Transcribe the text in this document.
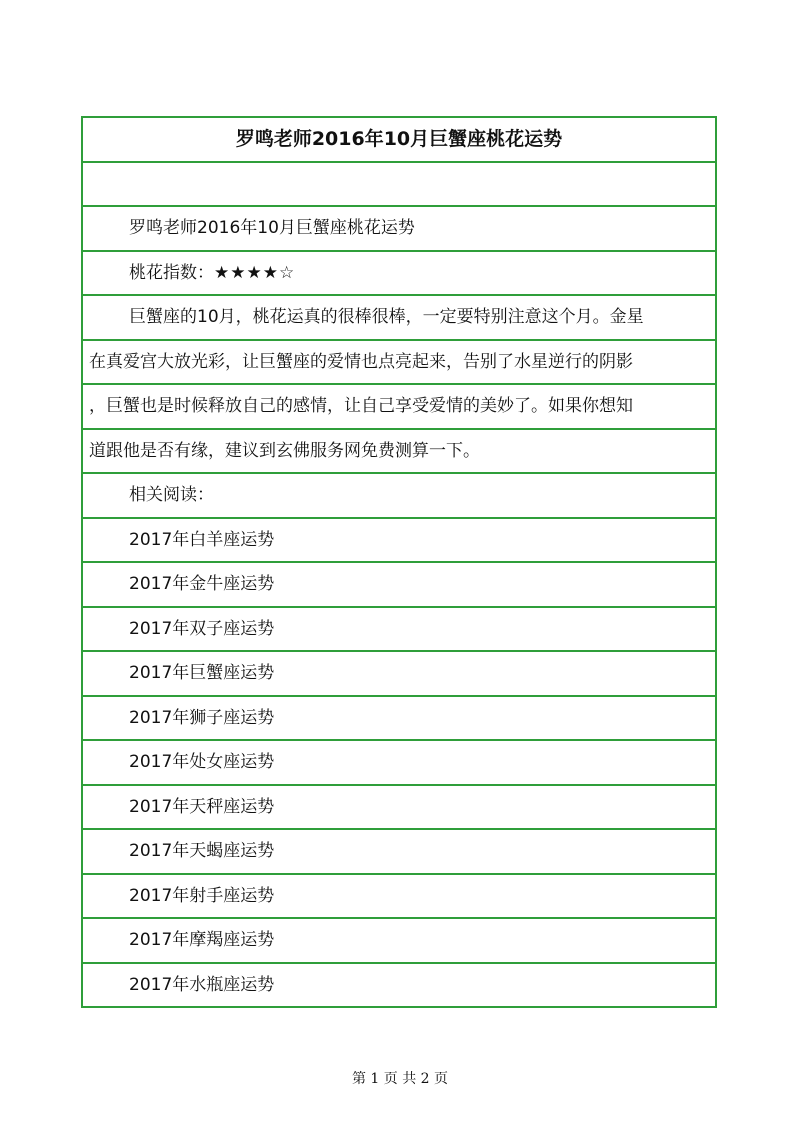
罗鸣老师2016年10月巨蟹座桃花运势
罗鸣老师2016年10月巨蟹座桃花运势
桃花指数： ★★★★☆
巨蟹座的10月，桃花运真的很棒很棒，一定要特别注意这个月。金星
在真爱宫大放光彩，让巨蟹座的爱情也点亮起来，告别了水星逆行的阴影
，巨蟹也是时候释放自己的感情，让自己享受爱情的美妙了。如果你想知
道跟他是否有缘，建议到玄佛服务网免费测算一下。
相关阅读：
2017年白羊座运势
2017年金牛座运势
2017年双子座运势
2017年巨蟹座运势
2017年狮子座运势
2017年处女座运势
2017年天秤座运势
2017年天蝎座运势
2017年射手座运势
2017年摩羯座运势
2017年水瓶座运势
第 1 页 共 2 页
